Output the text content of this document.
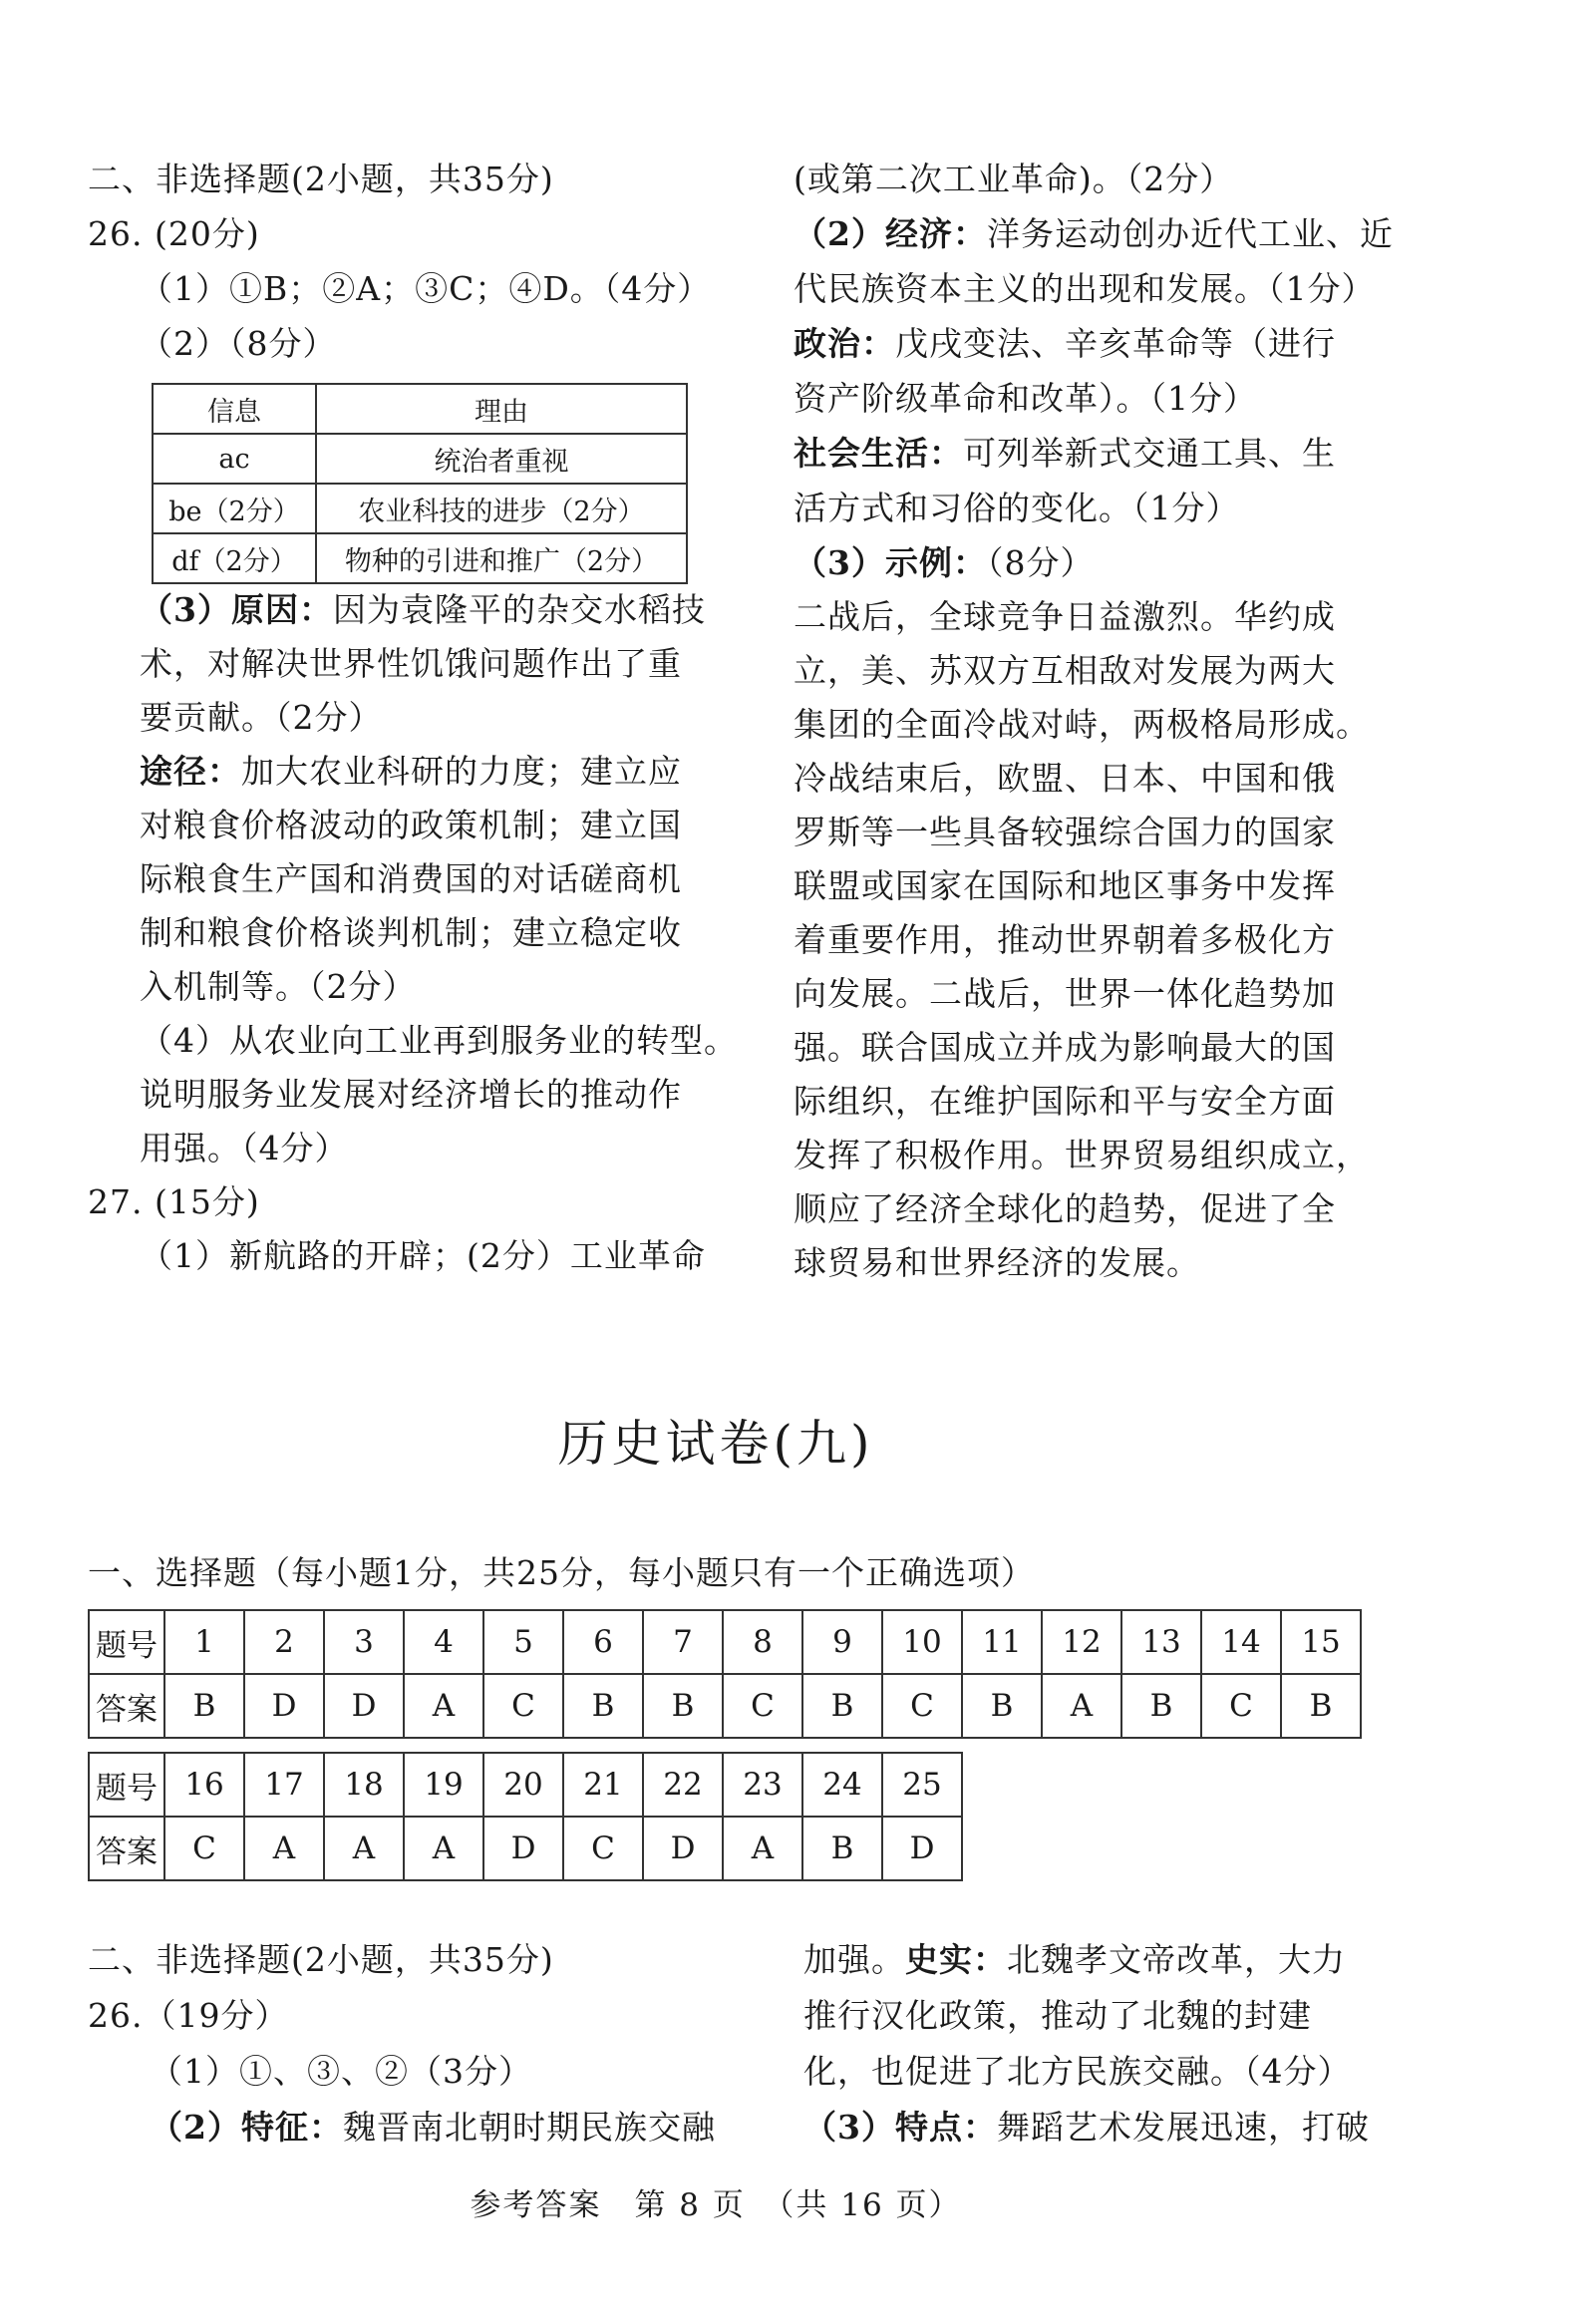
二、非选择题(2小题，共35分)
26. (20分)
（1）①B；②A；③C；④D。（4分）
（2）（8分）
信息	理由
ac	统治者重视
be（2分）	农业科技的进步（2分）
df（2分）	物种的引进和推广（2分）
（3）原因：因为袁隆平的杂交水稻技
术，对解决世界性饥饿问题作出了重
要贡献。（2分）
途径：加大农业科研的力度；建立应
对粮食价格波动的政策机制；建立国
际粮食生产国和消费国的对话磋商机
制和粮食价格谈判机制；建立稳定收
入机制等。（2分）
（4）从农业向工业再到服务业的转型。
说明服务业发展对经济增长的推动作
用强。（4分）
27. (15分)
（1）新航路的开辟；(2分）工业革命
(或第二次工业革命)。（2分）
（2）经济：洋务运动创办近代工业、近
代民族资本主义的出现和发展。（1分）
政治：戊戌变法、辛亥革命等（进行
资产阶级革命和改革）。（1分）
社会生活：可列举新式交通工具、生
活方式和习俗的变化。（1分）
（3）示例：（8分）
二战后，全球竞争日益激烈。华约成
立，美、苏双方互相敌对发展为两大
集团的全面冷战对峙，两极格局形成。
冷战结束后，欧盟、日本、中国和俄
罗斯等一些具备较强综合国力的国家
联盟或国家在国际和地区事务中发挥
着重要作用，推动世界朝着多极化方
向发展。二战后，世界一体化趋势加
强。联合国成立并成为影响最大的国
际组织，在维护国际和平与安全方面
发挥了积极作用。世界贸易组织成立，
顺应了经济全球化的趋势，促进了全
球贸易和世界经济的发展。
历史试卷(九)
一、选择题（每小题1分，共25分，每小题只有一个正确选项）
题号	1	2	3	4	5	6	7	8	9	10	11	12	13	14	15
答案	B	D	D	A	C	B	B	C	B	C	B	A	B	C	B
题号	16	17	18	19	20	21	22	23	24	25
答案	C	A	A	A	D	C	D	A	B	D
二、非选择题(2小题，共35分)
26.（19分）
（1）①、③、②（3分）
（2）特征：魏晋南北朝时期民族交融
加强。史实：北魏孝文帝改革，大力
推行汉化政策，推动了北魏的封建
化，也促进了北方民族交融。（4分）
（3）特点：舞蹈艺术发展迅速，打破
参考答案　第 8 页　（共 16 页）
